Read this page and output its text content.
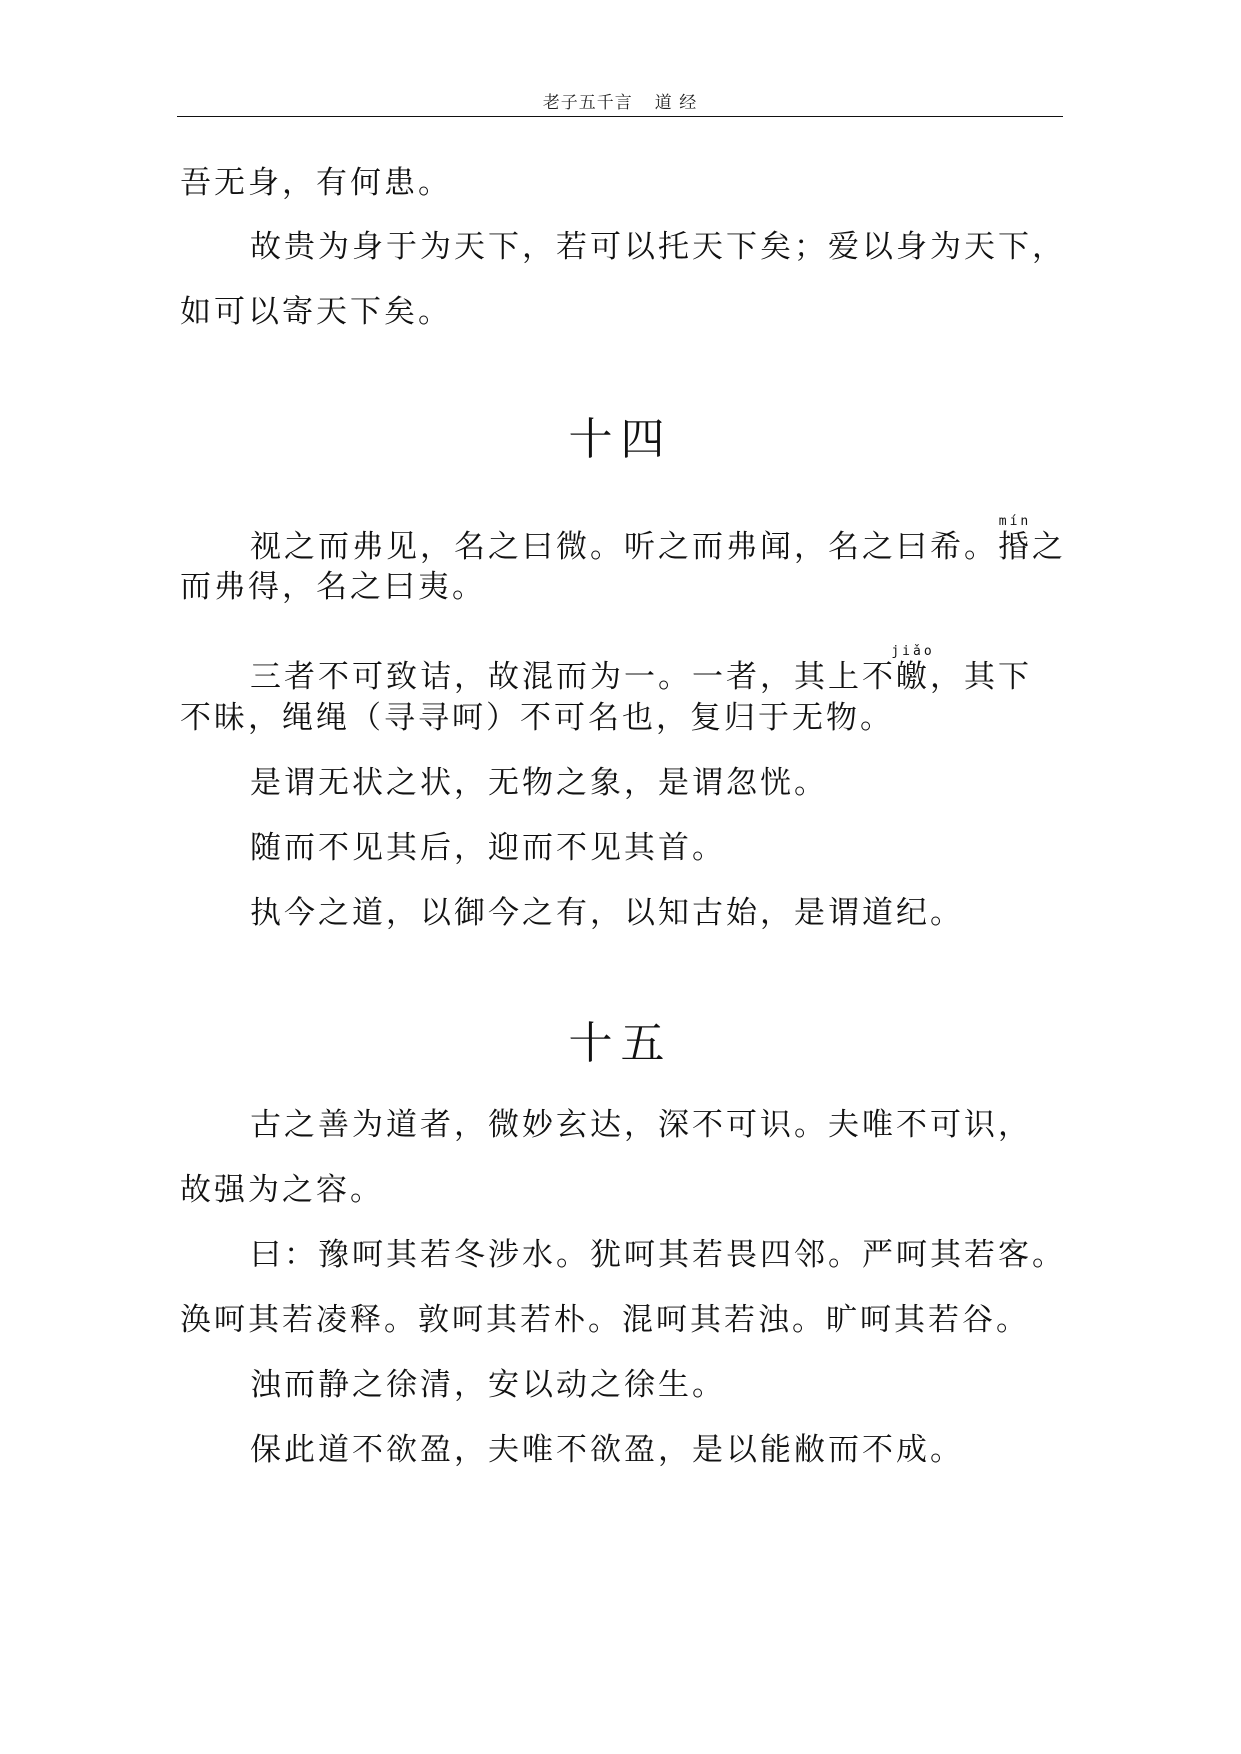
老子五千言 道 经
吾无身，有何患。
故贵为身于为天下，若可以托天下矣；爱以身为天下，
如可以寄天下矣。
十四
视之而弗见，名之曰微。听之而弗闻，名之曰希。捪mín之
而弗得，名之曰夷。
三者不可致诘，故混而为一。一者，其上不皦jiǎo，其下
不昧，绳绳（寻寻呵）不可名也，复归于无物。
是谓无状之状，无物之象，是谓忽恍。
随而不见其后，迎而不见其首。
执今之道，以御今之有，以知古始，是谓道纪。
十五
古之善为道者，微妙玄达，深不可识。夫唯不可识，
故强为之容。
曰：豫呵其若冬涉水。犹呵其若畏四邻。严呵其若客。
涣呵其若凌释。敦呵其若朴。混呵其若浊。旷呵其若谷。
浊而静之徐清，安以动之徐生。
保此道不欲盈，夫唯不欲盈，是以能敝而不成。
